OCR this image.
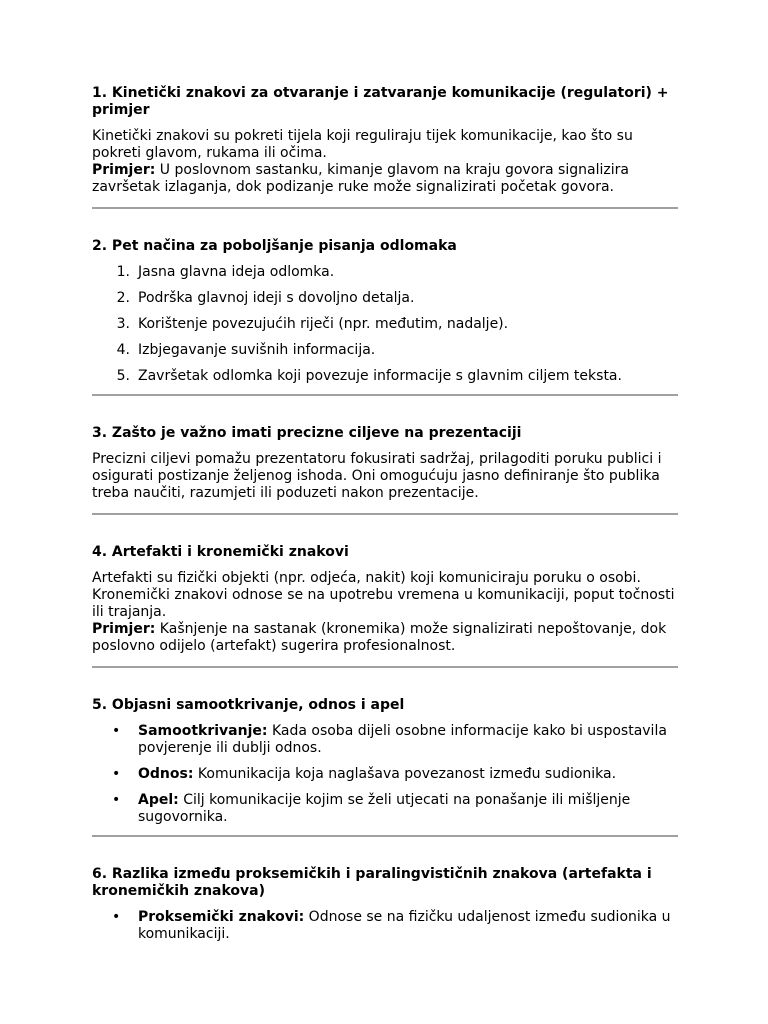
1. Kinetički znakovi za otvaranje i zatvaranje komunikacije (regulatori) + primjer

Kinetički znakovi su pokreti tijela koji reguliraju tijek komunikacije, kao što su pokreti glavom, rukama ili očima.
Primjer: U poslovnom sastanku, kimanje glavom na kraju govora signalizira završetak izlaganja, dok podizanje ruke može signalizirati početak govora.

2. Pet načina za poboljšanje pisanja odlomaka
1. Jasna glavna ideja odlomka.
2. Podrška glavnoj ideji s dovoljno detalja.
3. Korištenje povezujućih riječi (npr. međutim, nadalje).
4. Izbjegavanje suvišnih informacija.
5. Završetak odlomka koji povezuje informacije s glavnim ciljem teksta.
3. Zašto je važno imati precizne ciljeve na prezentaciji

Precizni ciljevi pomažu prezentatoru fokusirati sadržaj, prilagoditi poruku publici i osigurati postizanje željenog ishoda. Oni omogućuju jasno definiranje što publika treba naučiti, razumjeti ili poduzeti nakon prezentacije.

4. Artefakti i kronemički znakovi

Artefakti su fizički objekti (npr. odjeća, nakit) koji komuniciraju poruku o osobi. Kronemički znakovi odnose se na upotrebu vremena u komunikaciji, poput točnosti ili trajanja.
Primjer: Kašnjenje na sastanak (kronemika) može signalizirati nepoštovanje, dok poslovno odijelo (artefakt) sugerira profesionalnost.

5. Objasni samootkrivanje, odnos i apel
• Samootkrivanje: Kada osoba dijeli osobne informacije kako bi uspostavila povjerenje ili dublji odnos.
• Odnos: Komunikacija koja naglašava povezanost između sudionika.
• Apel: Cilj komunikacije kojim se želi utjecati na ponašanje ili mišljenje sugovornika.
6. Razlika između proksemičkih i paralingvističnih znakova (artefakta i kronemičkih znakova)
• Proksemički znakovi: Odnose se na fizičku udaljenost između sudionika u komunikaciji.
